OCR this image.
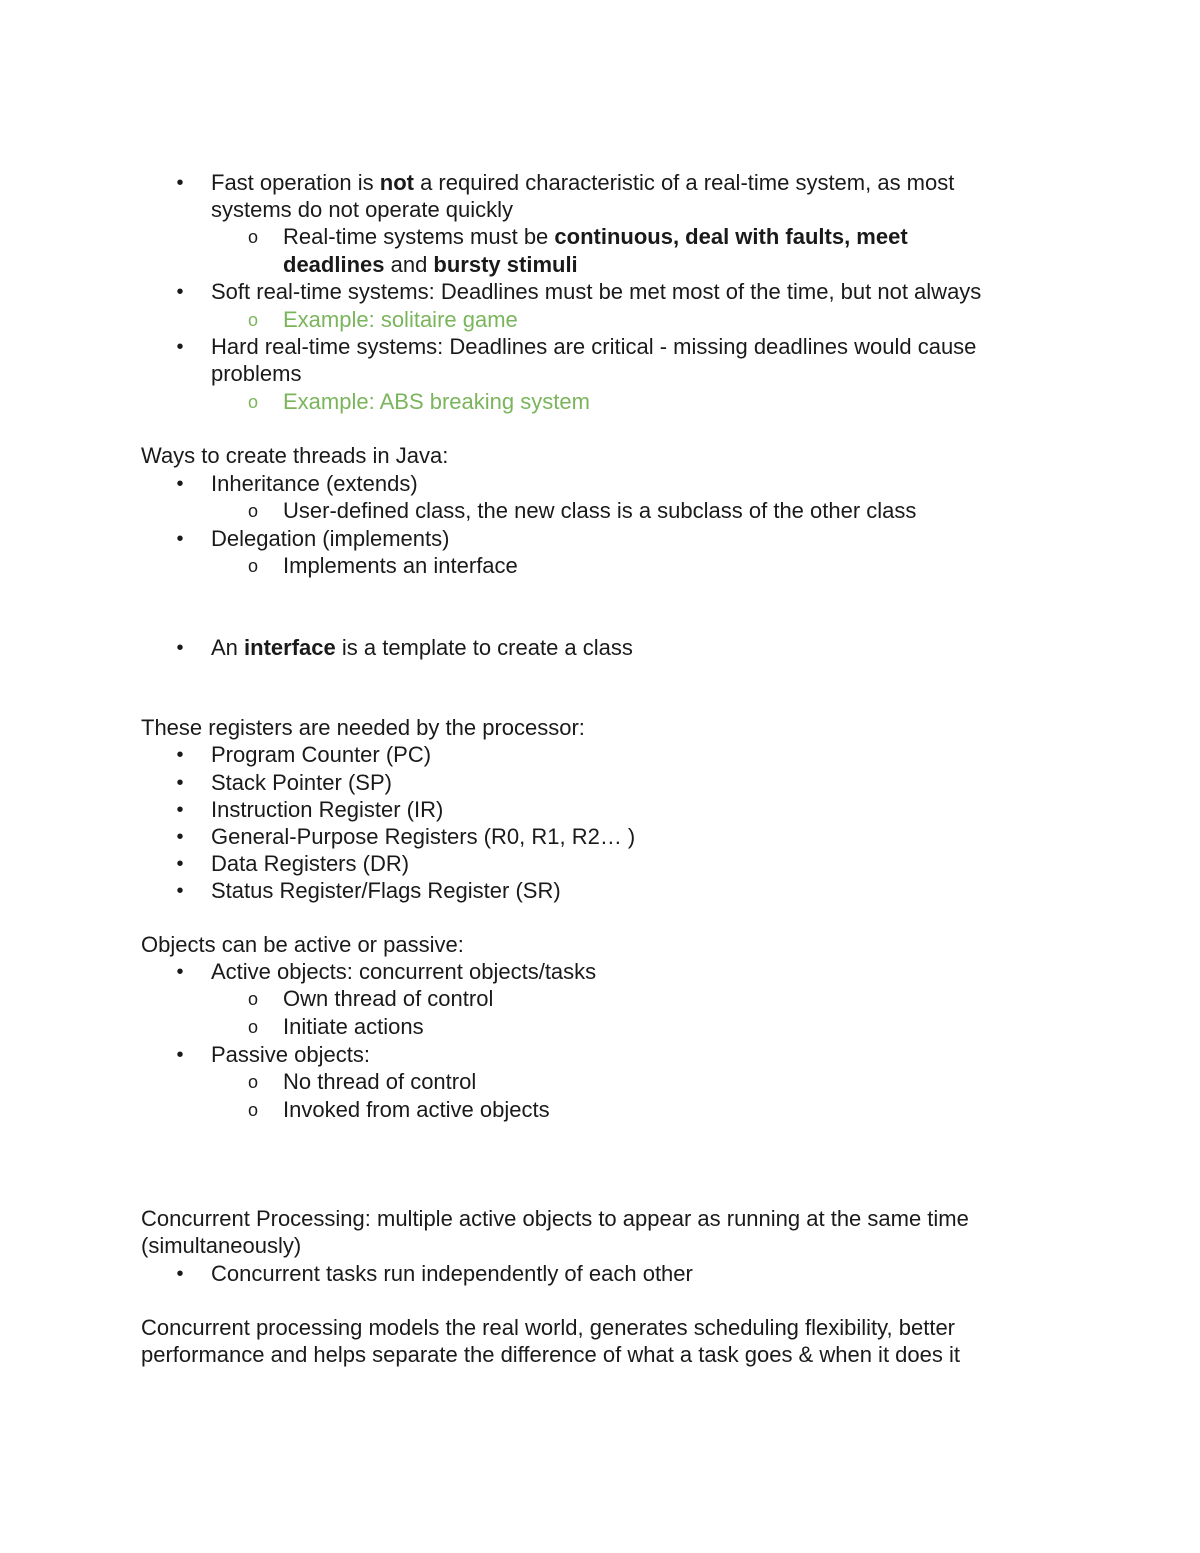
• Fast operation is not a required characteristic of a real-time system, as most
systems do not operate quickly
o Real-time systems must be continuous, deal with faults, meet
deadlines and bursty stimuli
• Soft real-time systems: Deadlines must be met most of the time, but not always
o Example: solitaire game
• Hard real-time systems: Deadlines are critical - missing deadlines would cause
problems
o Example: ABS breaking system
Ways to create threads in Java:
• Inheritance (extends)
o User-defined class, the new class is a subclass of the other class
• Delegation (implements)
o Implements an interface
• An interface is a template to create a class
These registers are needed by the processor:
• Program Counter (PC)
• Stack Pointer (SP)
• Instruction Register (IR)
• General-Purpose Registers (R0, R1, R2… )
• Data Registers (DR)
• Status Register/Flags Register (SR)
Objects can be active or passive:
• Active objects: concurrent objects/tasks
o Own thread of control
o Initiate actions
• Passive objects:
o No thread of control
o Invoked from active objects
Concurrent Processing: multiple active objects to appear as running at the same time
(simultaneously)
• Concurrent tasks run independently of each other
Concurrent processing models the real world, generates scheduling flexibility, better
performance and helps separate the difference of what a task goes & when it does it
